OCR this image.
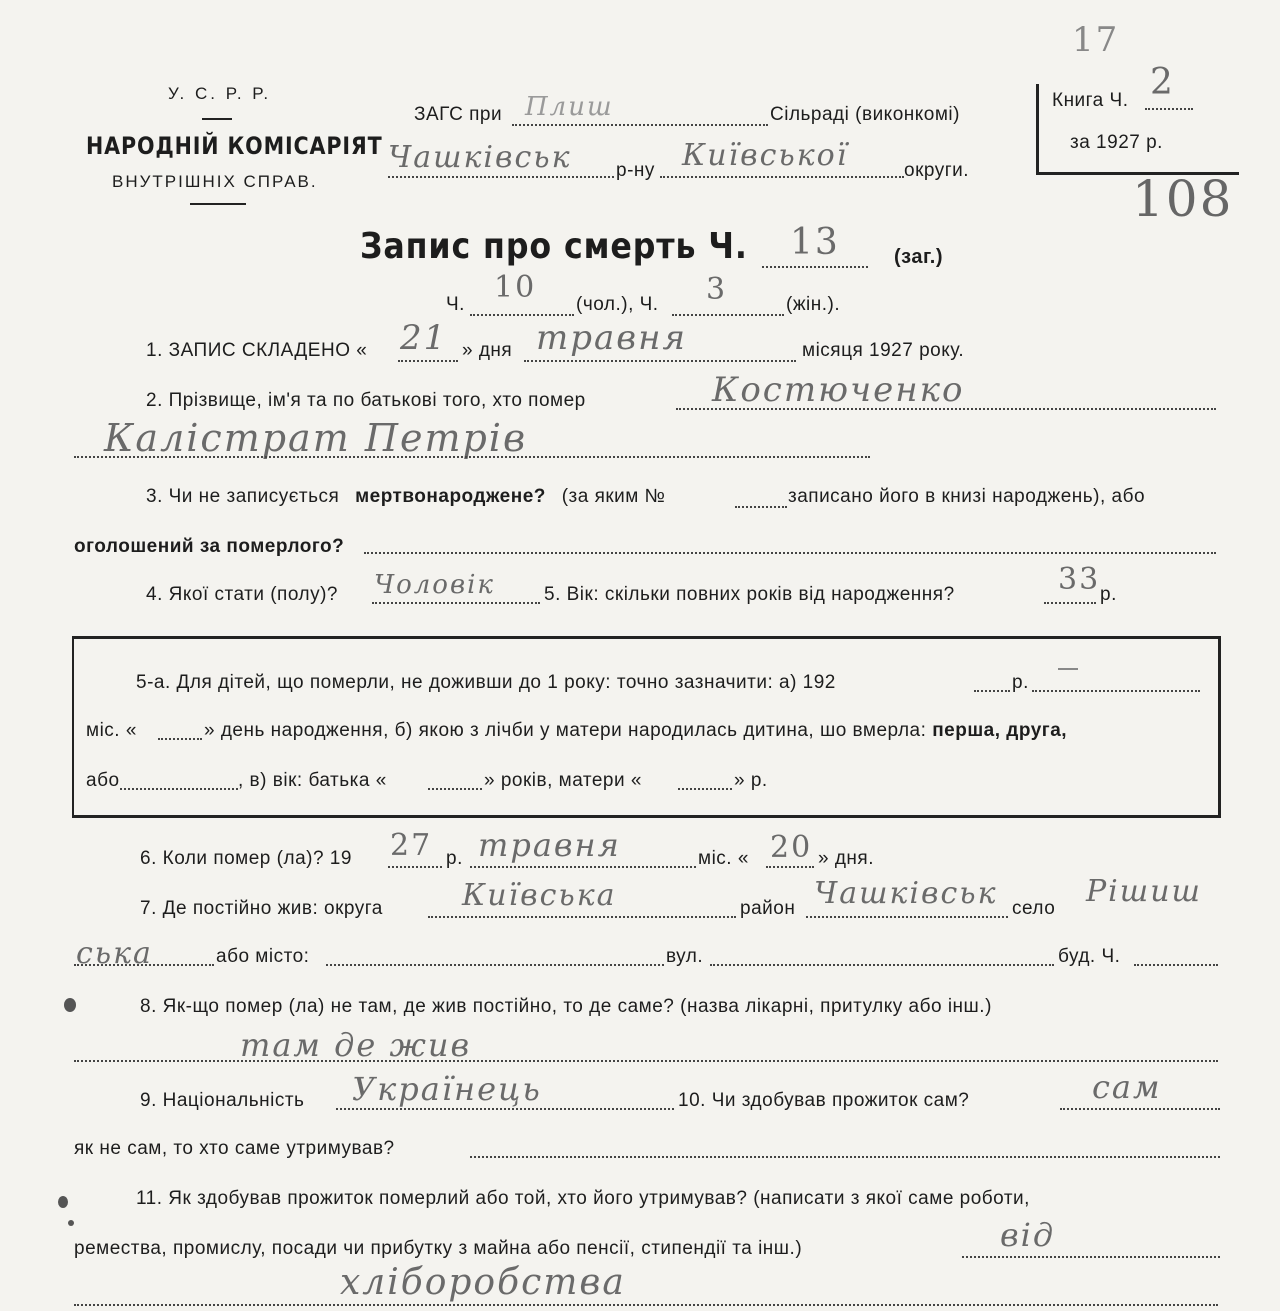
У. С. Р. Р.
НАРОДНІЙ КОМІСАРІЯТ
ВНУТРІШНІХ СПРАВ.
ЗАГС при Плиш	Сільраді (виконкомі)
Чашківськ р-ну Київської	округи.
17
Книга Ч. 2
за 1927 р.
108
Запис про смерть Ч. 13	(заг.)
Ч. 10 (чол.), Ч. 3	(жін.).
1. ЗАПИС СКЛАДЕНО « 21 » дня травня	місяця 1927 року.
2. Прізвище, ім'я та по батькові того, хто помер	Костюченко
Калістрат Петрів
3. Чи не записується мертвонароджене? (за яким №	записано його в книзі народжень), або
оголошений за померлого?
4. Якої стати (полу)? Чоловік	5. Вік: скільки повних років від народження?	33 р.
5-а. Для дітей, що померли, не доживши до 1 року: точно зазначити: а) 192	р.
міс. «	» день народження, б) якою з лічби у матери народилась дитина, шо вмерла: перша, друга,
або	, в) вік: батька «	» років, матери «	» р.
6. Коли помер (ла)? 19 27 р. травня	міс. « 20 » дня.
7. Де постійно жив: округа	Київська	район Чашківськ село Рішиш
ська	або місто:	вул.	буд. Ч.
8. Як-що помер (ла) не там, де жив постійно, то де саме? (назва лікарні, притулку або інш.)
там де жив
9. Національність Українець	10. Чи здобував прожиток сам?	сам
як не сам, то хто саме утримував?
11. Як здобував прожиток померлий або той, хто його утримував? (написати з якої саме роботи,
ремества, промислу, посади чи прибутку з майна або пенсії, стипендії та інш.)	від
хліборобства
